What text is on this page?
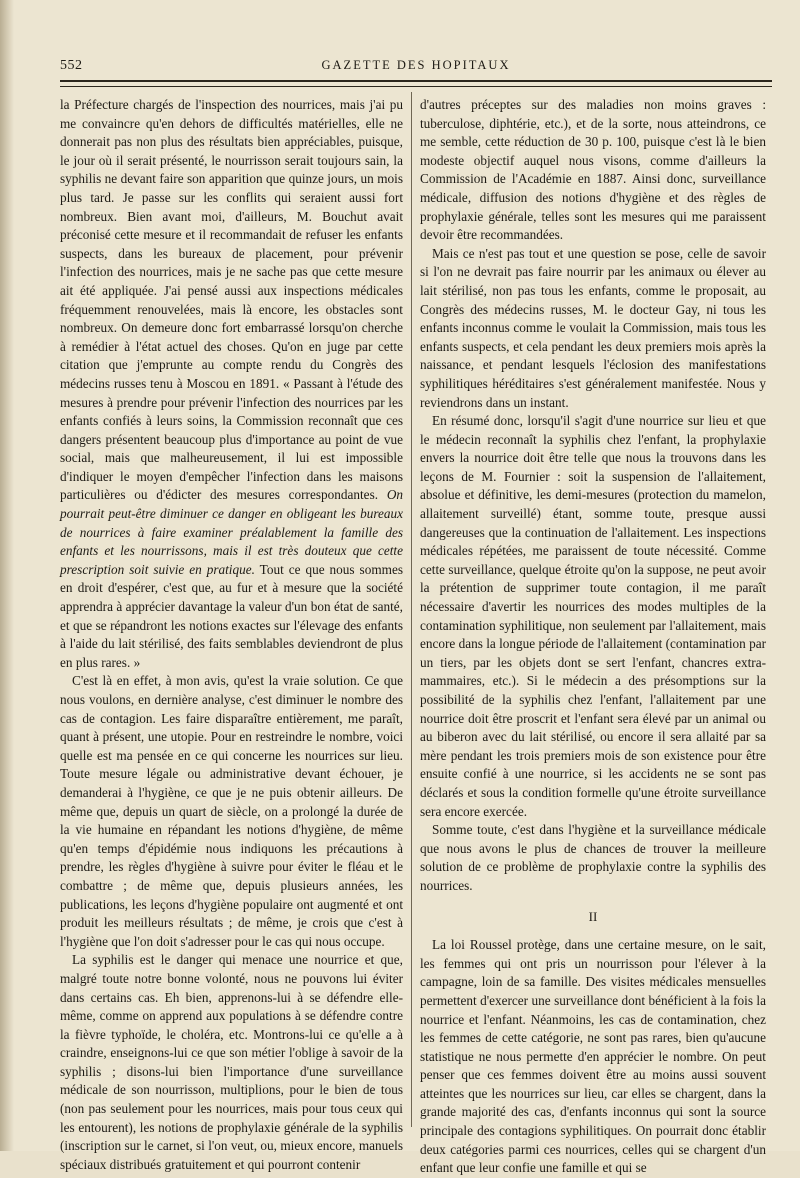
552	GAZETTE DES HOPITAUX

la Préfecture chargés de l'inspection des nourrices, mais j'ai pu me convaincre qu'en dehors de difficultés matérielles, elle ne donnerait pas non plus des résultats bien appréciables, puisque, le jour où il serait présenté, le nourrisson serait toujours sain, la syphilis ne devant faire son apparition que quinze jours, un mois plus tard. Je passe sur les conflits qui seraient aussi fort nombreux. Bien avant moi, d'ailleurs, M. Bouchut avait préconisé cette mesure et il recommandait de refuser les enfants suspects, dans les bureaux de placement, pour prévenir l'infection des nourrices, mais je ne sache pas que cette mesure ait été appliquée. J'ai pensé aussi aux inspections médicales fréquemment renouvelées, mais là encore, les obstacles sont nombreux. On demeure donc fort embarrassé lorsqu'on cherche à remédier à l'état actuel des choses. Qu'on en juge par cette citation que j'emprunte au compte rendu du Congrès des médecins russes tenu à Moscou en 1891. « Passant à l'étude des mesures à prendre pour prévenir l'infection des nourrices par les enfants confiés à leurs soins, la Commission reconnaît que ces dangers présentent beaucoup plus d'importance au point de vue social, mais que malheureusement, il lui est impossible d'indiquer le moyen d'empêcher l'infection dans les maisons particulières ou d'édicter des mesures correspondantes. On pourrait peut-être diminuer ce danger en obligeant les bureaux de nourrices à faire examiner préalablement la famille des enfants et les nourrissons, mais il est très douteux que cette prescription soit suivie en pratique. Tout ce que nous sommes en droit d'espérer, c'est que, au fur et à mesure que la société apprendra à apprécier davantage la valeur d'un bon état de santé, et que se répandront les notions exactes sur l'élevage des enfants à l'aide du lait stérilisé, des faits semblables deviendront de plus en plus rares. »

C'est là en effet, à mon avis, qu'est la vraie solution. Ce que nous voulons, en dernière analyse, c'est diminuer le nombre des cas de contagion. Les faire disparaître entièrement, me paraît, quant à présent, une utopie. Pour en restreindre le nombre, voici quelle est ma pensée en ce qui concerne les nourrices sur lieu. Toute mesure légale ou administrative devant échouer, je demanderai à l'hygiène, ce que je ne puis obtenir ailleurs. De même que, depuis un quart de siècle, on a prolongé la durée de la vie humaine en répandant les notions d'hygiène, de même qu'en temps d'épidémie nous indiquons les précautions à prendre, les règles d'hygiène à suivre pour éviter le fléau et le combattre ; de même que, depuis plusieurs années, les publications, les leçons d'hygiène populaire ont augmenté et ont produit les meilleurs résultats ; de même, je crois que c'est à l'hygiène que l'on doit s'adresser pour le cas qui nous occupe.

La syphilis est le danger qui menace une nourrice et que, malgré toute notre bonne volonté, nous ne pouvons lui éviter dans certains cas. Eh bien, apprenons-lui à se défendre elle-même, comme on apprend aux populations à se défendre contre la fièvre typhoïde, le choléra, etc. Montrons-lui ce qu'elle a à craindre, enseignons-lui ce que son métier l'oblige à savoir de la syphilis ; disons-lui bien l'importance d'une surveillance médicale de son nourrisson, multiplions, pour le bien de tous (non pas seulement pour les nourrices, mais pour tous ceux qui les entourent), les notions de prophylaxie générale de la syphilis (inscription sur le carnet, si l'on veut, ou, mieux encore, manuels spéciaux distribués gratuitement et qui pourront contenir

d'autres préceptes sur des maladies non moins graves : tuberculose, diphtérie, etc.), et de la sorte, nous atteindrons, ce me semble, cette réduction de 30 p. 100, puisque c'est là le bien modeste objectif auquel nous visons, comme d'ailleurs la Commission de l'Académie en 1887. Ainsi donc, surveillance médicale, diffusion des notions d'hygiène et des règles de prophylaxie générale, telles sont les mesures qui me paraissent devoir être recommandées.

Mais ce n'est pas tout et une question se pose, celle de savoir si l'on ne devrait pas faire nourrir par les animaux ou élever au lait stérilisé, non pas tous les enfants, comme le proposait, au Congrès des médecins russes, M. le docteur Gay, ni tous les enfants inconnus comme le voulait la Commission, mais tous les enfants suspects, et cela pendant les deux premiers mois après la naissance, et pendant lesquels l'éclosion des manifestations syphilitiques héréditaires s'est généralement manifestée. Nous y reviendrons dans un instant.

En résumé donc, lorsqu'il s'agit d'une nourrice sur lieu et que le médecin reconnaît la syphilis chez l'enfant, la prophylaxie envers la nourrice doit être telle que nous la trouvons dans les leçons de M. Fournier : soit la suspension de l'allaitement, absolue et définitive, les demi-mesures (protection du mamelon, allaitement surveillé) étant, somme toute, presque aussi dangereuses que la continuation de l'allaitement. Les inspections médicales répétées, me paraissent de toute nécessité. Comme cette surveillance, quelque étroite qu'on la suppose, ne peut avoir la prétention de supprimer toute contagion, il me paraît nécessaire d'avertir les nourrices des modes multiples de la contamination syphilitique, non seulement par l'allaitement, mais encore dans la longue période de l'allaitement (contamination par un tiers, par les objets dont se sert l'enfant, chancres extra-mammaires, etc.). Si le médecin a des présomptions sur la possibilité de la syphilis chez l'enfant, l'allaitement par une nourrice doit être proscrit et l'enfant sera élevé par un animal ou au biberon avec du lait stérilisé, ou encore il sera allaité par sa mère pendant les trois premiers mois de son existence pour être ensuite confié à une nourrice, si les accidents ne se sont pas déclarés et sous la condition formelle qu'une étroite surveillance sera encore exercée.

Somme toute, c'est dans l'hygiène et la surveillance médicale que nous avons le plus de chances de trouver la meilleure solution de ce problème de prophylaxie contre la syphilis des nourrices.

II

La loi Roussel protège, dans une certaine mesure, on le sait, les femmes qui ont pris un nourrisson pour l'élever à la campagne, loin de sa famille. Des visites médicales mensuelles permettent d'exercer une surveillance dont bénéficient à la fois la nourrice et l'enfant. Néanmoins, les cas de contamination, chez les femmes de cette catégorie, ne sont pas rares, bien qu'aucune statistique ne nous permette d'en apprécier le nombre. On peut penser que ces femmes doivent être au moins aussi souvent atteintes que les nourrices sur lieu, car elles se chargent, dans la grande majorité des cas, d'enfants inconnus qui sont la source principale des contagions syphilitiques. On pourrait donc établir deux catégories parmi ces nourrices, celles qui se chargent d'un enfant que leur confie une famille et qui se
